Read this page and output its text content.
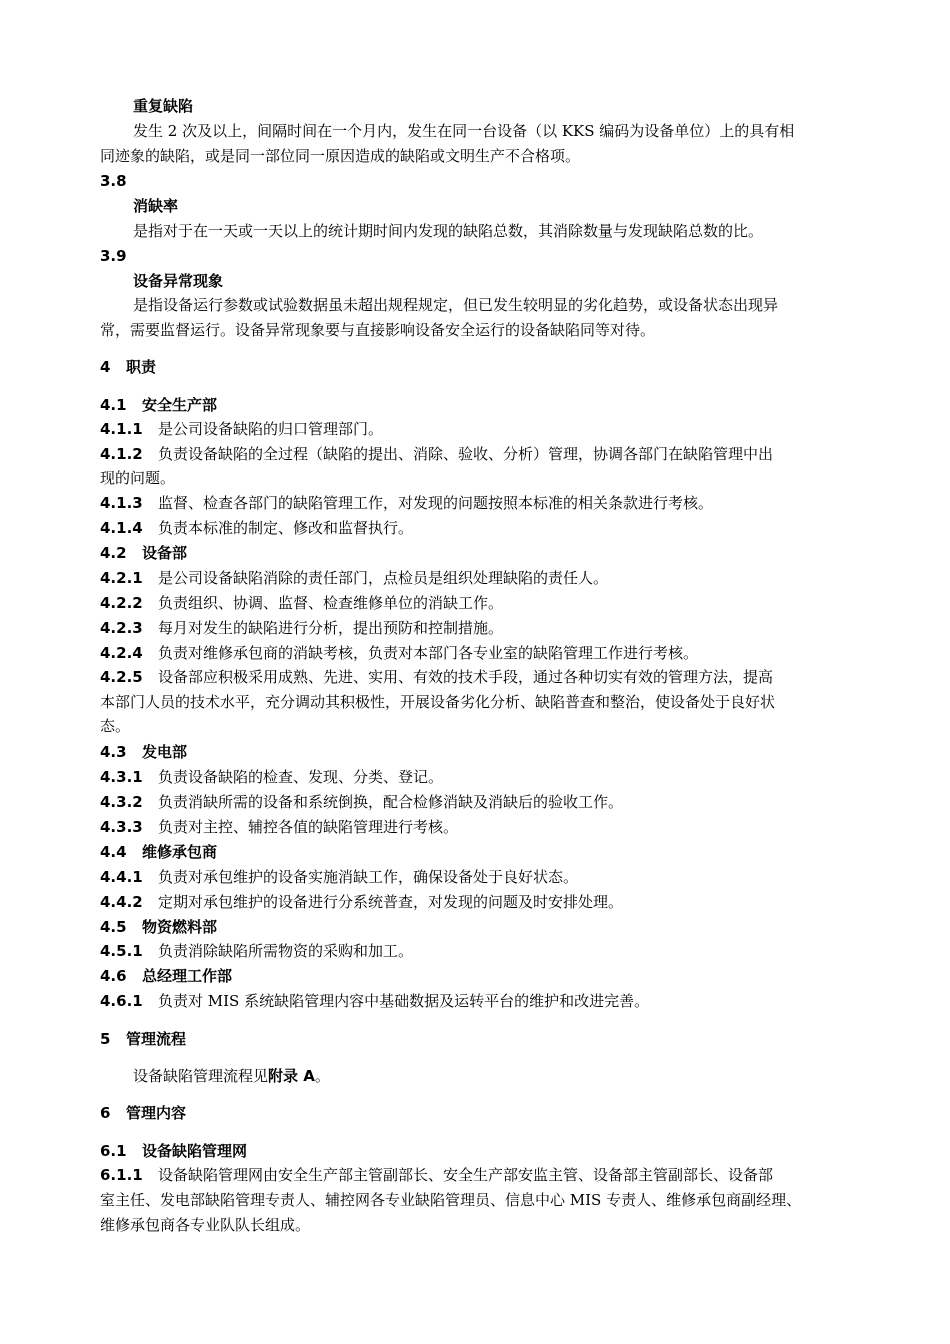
重复缺陷
发生 2 次及以上，间隔时间在一个月内，发生在同一台设备（以 KKS 编码为设备单位）上的具有相
同迹象的缺陷，或是同一部位同一原因造成的缺陷或文明生产不合格项。
3.8
消缺率
是指对于在一天或一天以上的统计期时间内发现的缺陷总数，其消除数量与发现缺陷总数的比。
3.9
设备异常现象
是指设备运行参数或试验数据虽未超出规程规定，但已发生较明显的劣化趋势，或设备状态出现异
常，需要监督运行。设备异常现象要与直接影响设备安全运行的设备缺陷同等对待。
4 职责
4.1 安全生产部
4.1.1 是公司设备缺陷的归口管理部门。
4.1.2 负责设备缺陷的全过程（缺陷的提出、消除、验收、分析）管理，协调各部门在缺陷管理中出
现的问题。
4.1.3 监督、检查各部门的缺陷管理工作，对发现的问题按照本标准的相关条款进行考核。
4.1.4 负责本标准的制定、修改和监督执行。
4.2 设备部
4.2.1 是公司设备缺陷消除的责任部门，点检员是组织处理缺陷的责任人。
4.2.2 负责组织、协调、监督、检查维修单位的消缺工作。
4.2.3 每月对发生的缺陷进行分析，提出预防和控制措施。
4.2.4 负责对维修承包商的消缺考核，负责对本部门各专业室的缺陷管理工作进行考核。
4.2.5 设备部应积极采用成熟、先进、实用、有效的技术手段，通过各种切实有效的管理方法，提高
本部门人员的技术水平，充分调动其积极性，开展设备劣化分析、缺陷普查和整治，使设备处于良好状
态。
4.3 发电部
4.3.1 负责设备缺陷的检查、发现、分类、登记。
4.3.2 负责消缺所需的设备和系统倒换，配合检修消缺及消缺后的验收工作。
4.3.3 负责对主控、辅控各值的缺陷管理进行考核。
4.4 维修承包商
4.4.1 负责对承包维护的设备实施消缺工作，确保设备处于良好状态。
4.4.2 定期对承包维护的设备进行分系统普查，对发现的问题及时安排处理。
4.5 物资燃料部
4.5.1 负责消除缺陷所需物资的采购和加工。
4.6 总经理工作部
4.6.1 负责对 MIS 系统缺陷管理内容中基础数据及运转平台的维护和改进完善。
5 管理流程
设备缺陷管理流程见附录 A。
6 管理内容
6.1 设备缺陷管理网
6.1.1 设备缺陷管理网由安全生产部主管副部长、安全生产部安监主管、设备部主管副部长、设备部
室主任、发电部缺陷管理专责人、辅控网各专业缺陷管理员、信息中心 MIS 专责人、维修承包商副经理、
维修承包商各专业队队长组成。
